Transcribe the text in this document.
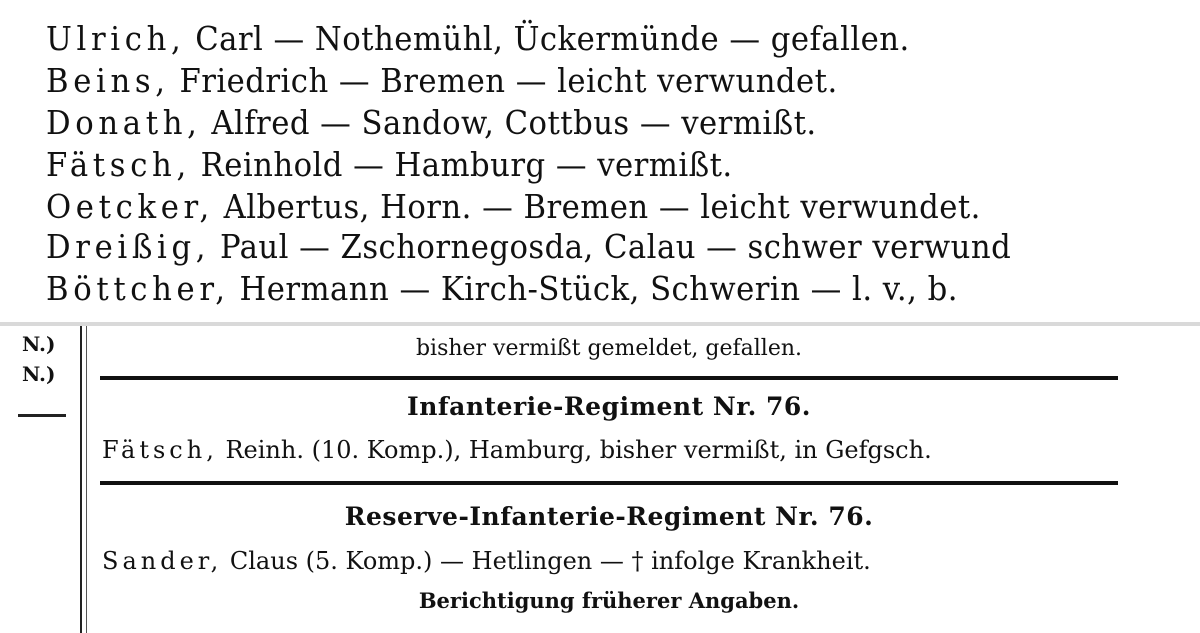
Ulrich, Carl — Nothemühl, Ückermünde — gefallen.
Beins, Friedrich — Bremen — leicht verwundet.
Donath, Alfred — Sandow, Cottbus — vermißt.
Fätsch, Reinhold — Hamburg — vermißt.
Oetcker, Albertus, Horn. — Bremen — leicht verwundet.
Dreißig, Paul — Zschornegosda, Calau — schwer verwund
Böttcher, Hermann — Kirch-Stück, Schwerin — l. v., b.
N.)
N.)
bisher vermißt gemeldet, gefallen.
Infanterie-Regiment Nr. 76.
Fätsch, Reinh. (10. Komp.), Hamburg, bisher vermißt, in Gefgsch.
Reserve-Infanterie-Regiment Nr. 76.
Sander, Claus (5. Komp.) — Hetlingen — † infolge Krankheit.
Berichtigung früherer Angaben.
